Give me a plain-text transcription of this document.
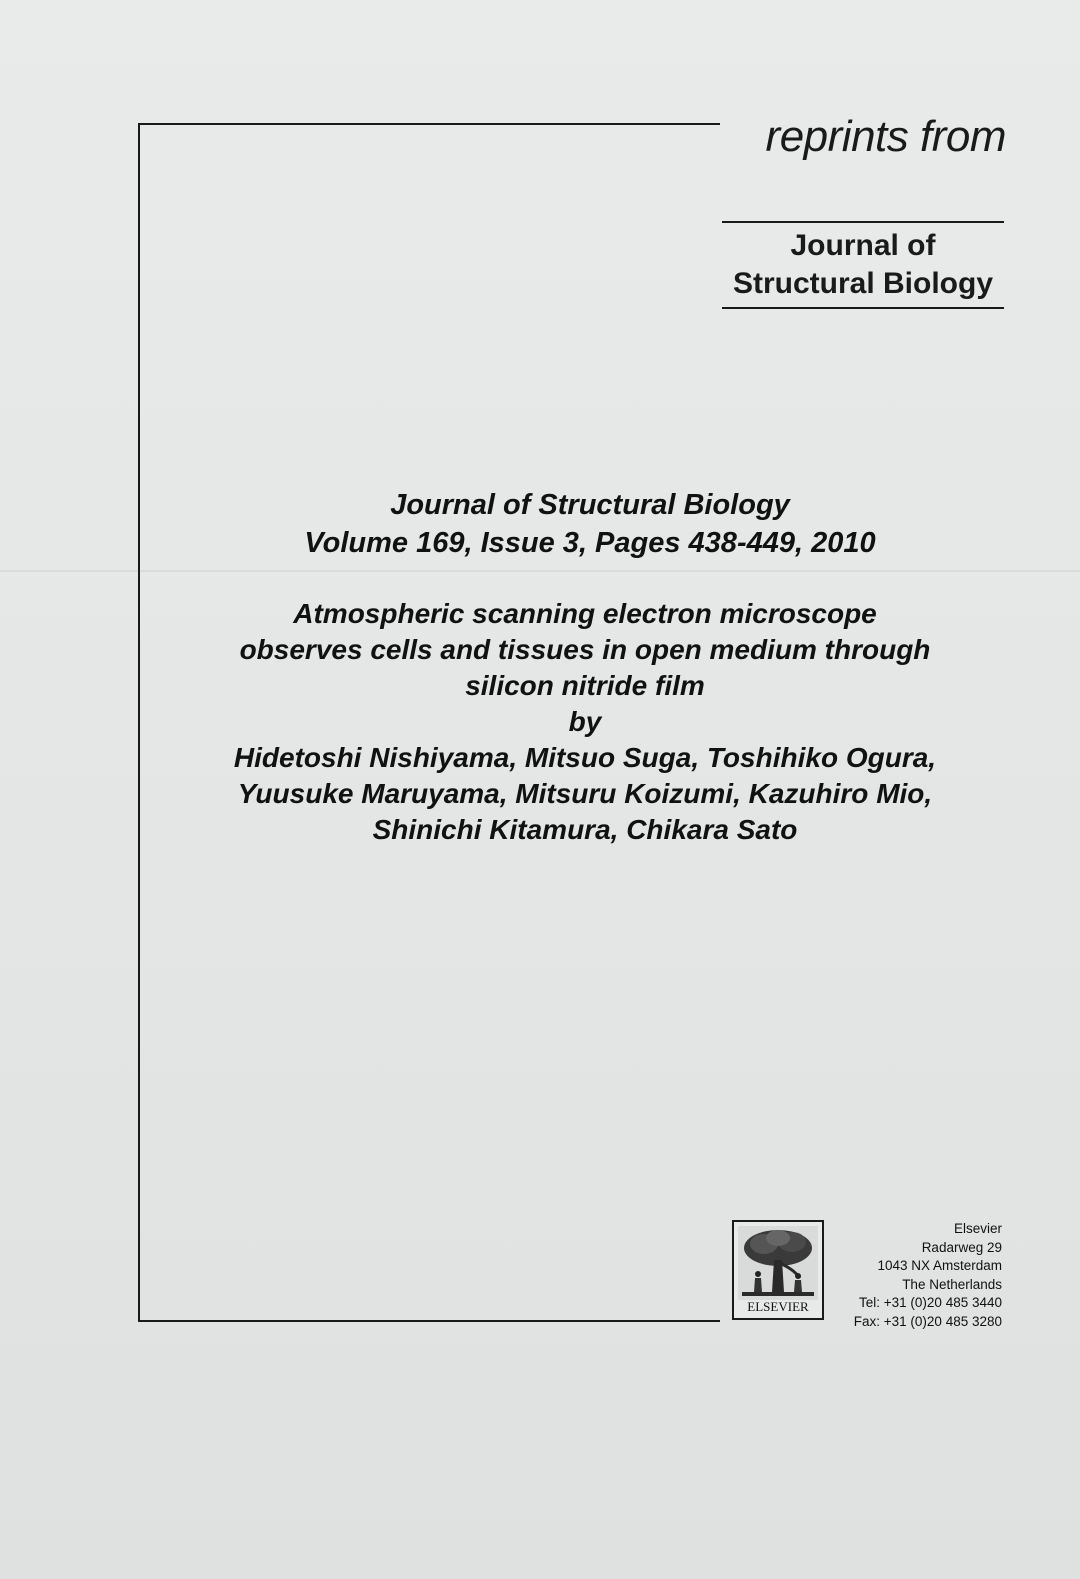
reprints from
Journal of
Structural Biology
Journal of Structural Biology
Volume 169, Issue 3, Pages 438-449, 2010
Atmospheric scanning electron microscope
observes cells and tissues in open medium through
silicon nitride film
by
Hidetoshi Nishiyama, Mitsuo Suga, Toshihiko Ogura,
Yuusuke Maruyama, Mitsuru Koizumi, Kazuhiro Mio,
Shinichi Kitamura, Chikara Sato
ELSEVIER
Elsevier
Radarweg 29
1043 NX Amsterdam
The Netherlands
Tel: +31 (0)20 485 3440
Fax: +31 (0)20 485 3280
